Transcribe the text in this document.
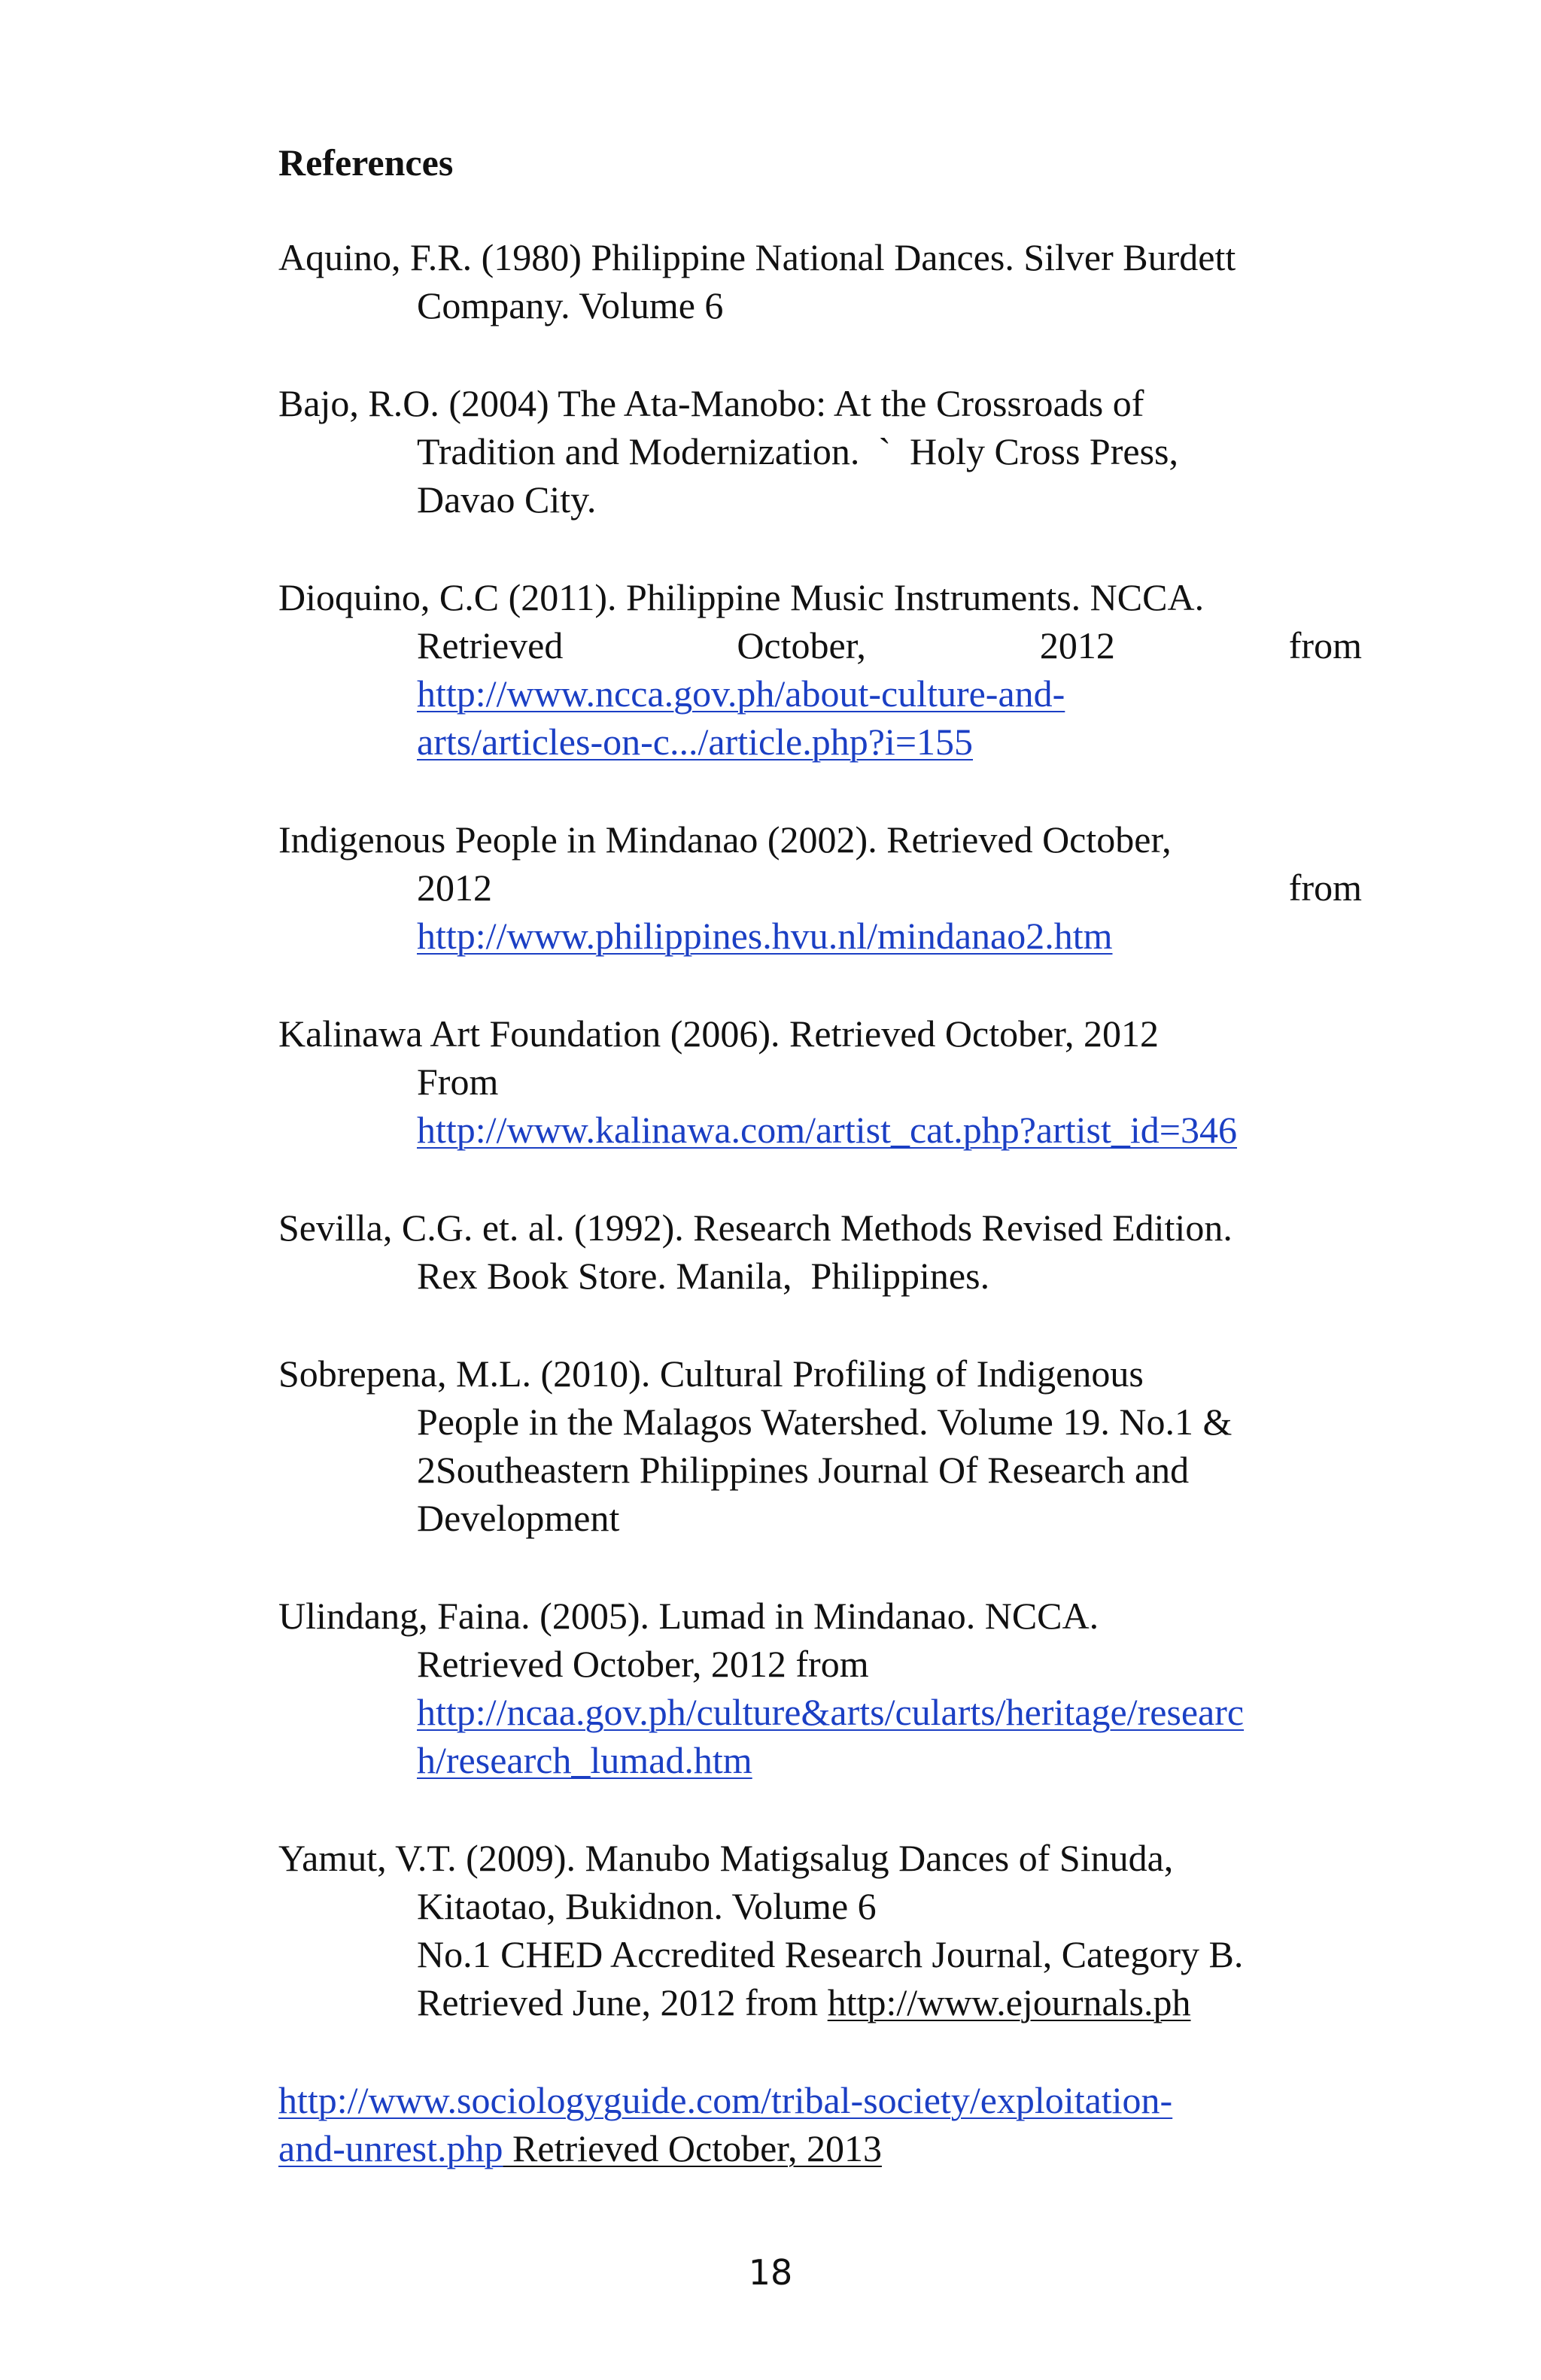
References
Aquino, F.R. (1980) Philippine National Dances. Silver Burdett
Company. Volume 6
Bajo, R.O. (2004) The Ata-Manobo: At the Crossroads of
Tradition and Modernization.  `  Holy Cross Press,
Davao City.
Dioquino, C.C (2011). Philippine Music Instruments. NCCA.
Retrieved	October,	2012	from
http://www.ncca.gov.ph/about-culture-and-
arts/articles-on-c.../article.php?i=155
Indigenous People in Mindanao (2002). Retrieved October,
2012	from
http://www.philippines.hvu.nl/mindanao2.htm
Kalinawa Art Foundation (2006). Retrieved October, 2012
From
http://www.kalinawa.com/artist_cat.php?artist_id=346
Sevilla, C.G. et. al. (1992). Research Methods Revised Edition.
Rex Book Store. Manila,  Philippines.
Sobrepena, M.L. (2010). Cultural Profiling of Indigenous
People in the Malagos Watershed. Volume 19. No.1 &
2Southeastern Philippines Journal Of Research and
Development
Ulindang, Faina. (2005). Lumad in Mindanao. NCCA.
Retrieved October, 2012 from
http://ncaa.gov.ph/culture&arts/cularts/heritage/researc
h/research_lumad.htm
Yamut, V.T. (2009). Manubo Matigsalug Dances of Sinuda,
Kitaotao, Bukidnon. Volume 6
No.1 CHED Accredited Research Journal, Category B.
Retrieved June, 2012 from http://www.ejournals.ph
http://www.sociologyguide.com/tribal-society/exploitation-
and-unrest.php Retrieved October, 2013
18
